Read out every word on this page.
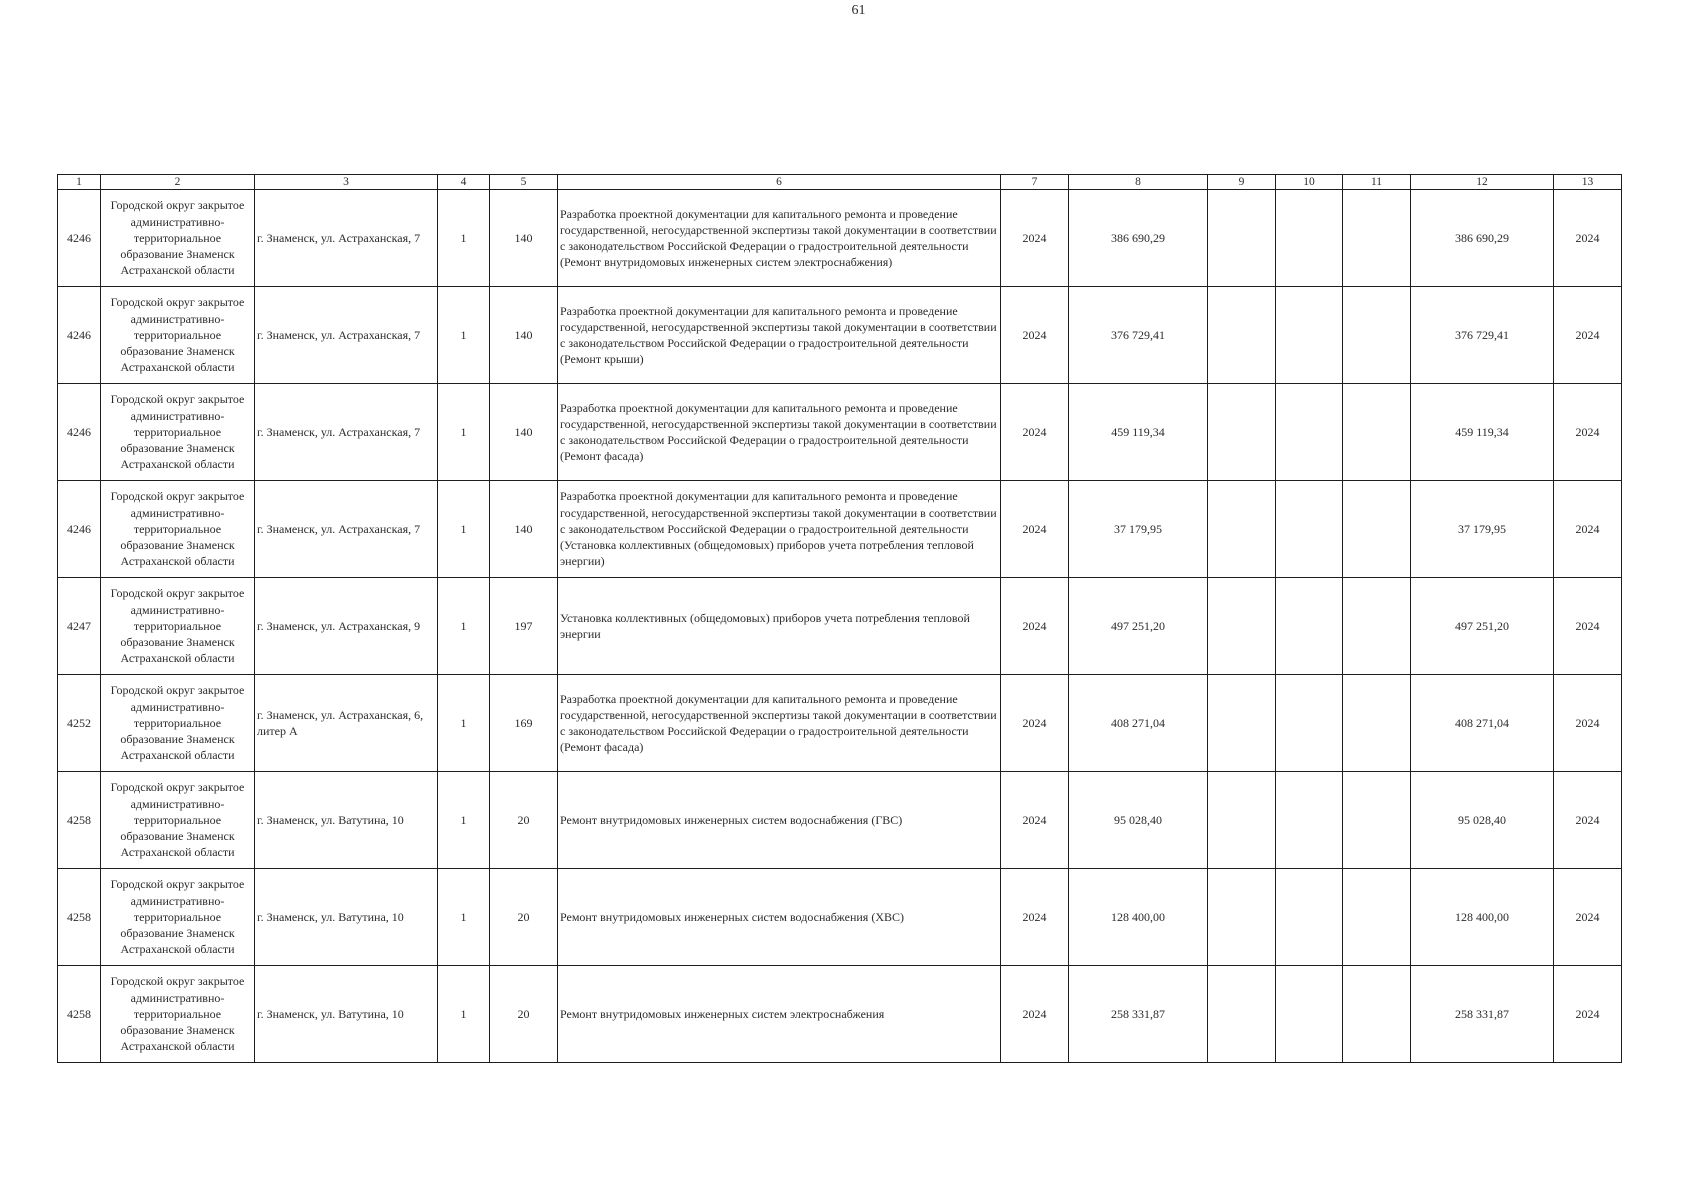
61
1	2	3	4	5	6	7	8	9	10	11	12	13
4246	Городской округ закрытое административно-территориальное образование Знаменск Астраханской области	г. Знаменск, ул. Астраханская, 7	1	140	Разработка проектной документации для капитального ремонта и проведение государственной, негосударственной экспертизы такой документации в соответствии с законодательством Российской Федерации о градостроительной деятельности (Ремонт внутридомовых инженерных систем электроснабжения)	2024	386 690,29				386 690,29	2024
4246	Городской округ закрытое административно-территориальное образование Знаменск Астраханской области	г. Знаменск, ул. Астраханская, 7	1	140	Разработка проектной документации для капитального ремонта и проведение государственной, негосударственной экспертизы такой документации в соответствии с законодательством Российской Федерации о градостроительной деятельности (Ремонт крыши)	2024	376 729,41				376 729,41	2024
4246	Городской округ закрытое административно-территориальное образование Знаменск Астраханской области	г. Знаменск, ул. Астраханская, 7	1	140	Разработка проектной документации для капитального ремонта и проведение государственной, негосударственной экспертизы такой документации в соответствии с законодательством Российской Федерации о градостроительной деятельности (Ремонт фасада)	2024	459 119,34				459 119,34	2024
4246	Городской округ закрытое административно-территориальное образование Знаменск Астраханской области	г. Знаменск, ул. Астраханская, 7	1	140	Разработка проектной документации для капитального ремонта и проведение государственной, негосударственной экспертизы такой документации в соответствии с законодательством Российской Федерации о градостроительной деятельности (Установка коллективных (общедомовых) приборов учета потребления тепловой энергии)	2024	37 179,95				37 179,95	2024
4247	Городской округ закрытое административно-территориальное образование Знаменск Астраханской области	г. Знаменск, ул. Астраханская, 9	1	197	Установка коллективных (общедомовых) приборов учета потребления тепловой энергии	2024	497 251,20				497 251,20	2024
4252	Городской округ закрытое административно-территориальное образование Знаменск Астраханской области	г. Знаменск, ул. Астраханская, 6, литер А	1	169	Разработка проектной документации для капитального ремонта и проведение государственной, негосударственной экспертизы такой документации в соответствии с законодательством Российской Федерации о градостроительной деятельности (Ремонт фасада)	2024	408 271,04				408 271,04	2024
4258	Городской округ закрытое административно-территориальное образование Знаменск Астраханской области	г. Знаменск, ул. Ватутина, 10	1	20	Ремонт внутридомовых инженерных систем водоснабжения (ГВС)	2024	95 028,40				95 028,40	2024
4258	Городской округ закрытое административно-территориальное образование Знаменск Астраханской области	г. Знаменск, ул. Ватутина, 10	1	20	Ремонт внутридомовых инженерных систем водоснабжения (ХВС)	2024	128 400,00				128 400,00	2024
4258	Городской округ закрытое административно-территориальное образование Знаменск Астраханской области	г. Знаменск, ул. Ватутина, 10	1	20	Ремонт внутридомовых инженерных систем электроснабжения	2024	258 331,87				258 331,87	2024
